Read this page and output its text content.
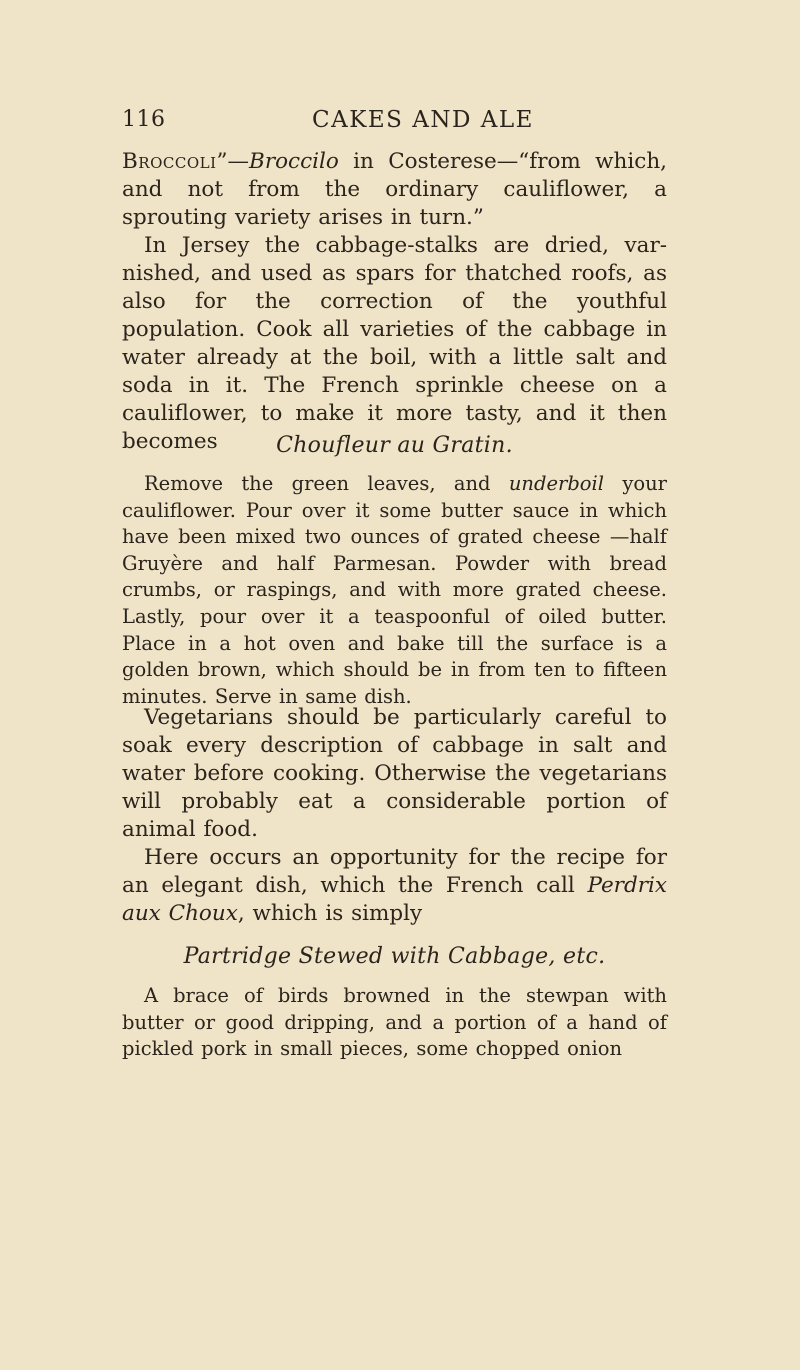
116	CAKES AND ALE

Broccoli”—Broccilo in Costerese—“from which, and not from the ordinary cauliflower, a sprouting variety arises in turn.”

In Jersey the cabbage-stalks are dried, var- nished, and used as spars for thatched roofs, as also for the correction of the youthful population. Cook all varieties of the cabbage in water already at the boil, with a little salt and soda in it. The French sprinkle cheese on a cauliflower, to make it more tasty, and it then becomes	Choufleur au Gratin.

Remove the green leaves, and underboil your cauliflower. Pour over it some butter sauce in which have been mixed two ounces of grated cheese —half Gruyère and half Parmesan. Powder with bread crumbs, or raspings, and with more grated cheese. Lastly, pour over it a teaspoonful of oiled butter. Place in a hot oven and bake till the surface is a golden brown, which should be in from ten to fifteen minutes. Serve in same dish.

Vegetarians should be particularly careful to soak every description of cabbage in salt and water before cooking. Otherwise the vegetarians will probably eat a considerable portion of animal food.

Here occurs an opportunity for the recipe for an elegant dish, which the French call Perdrix aux Choux, which is simply

Partridge Stewed with Cabbage, etc.

A brace of birds browned in the stewpan with butter or good dripping, and a portion of a hand of pickled pork in small pieces, some chopped onion
